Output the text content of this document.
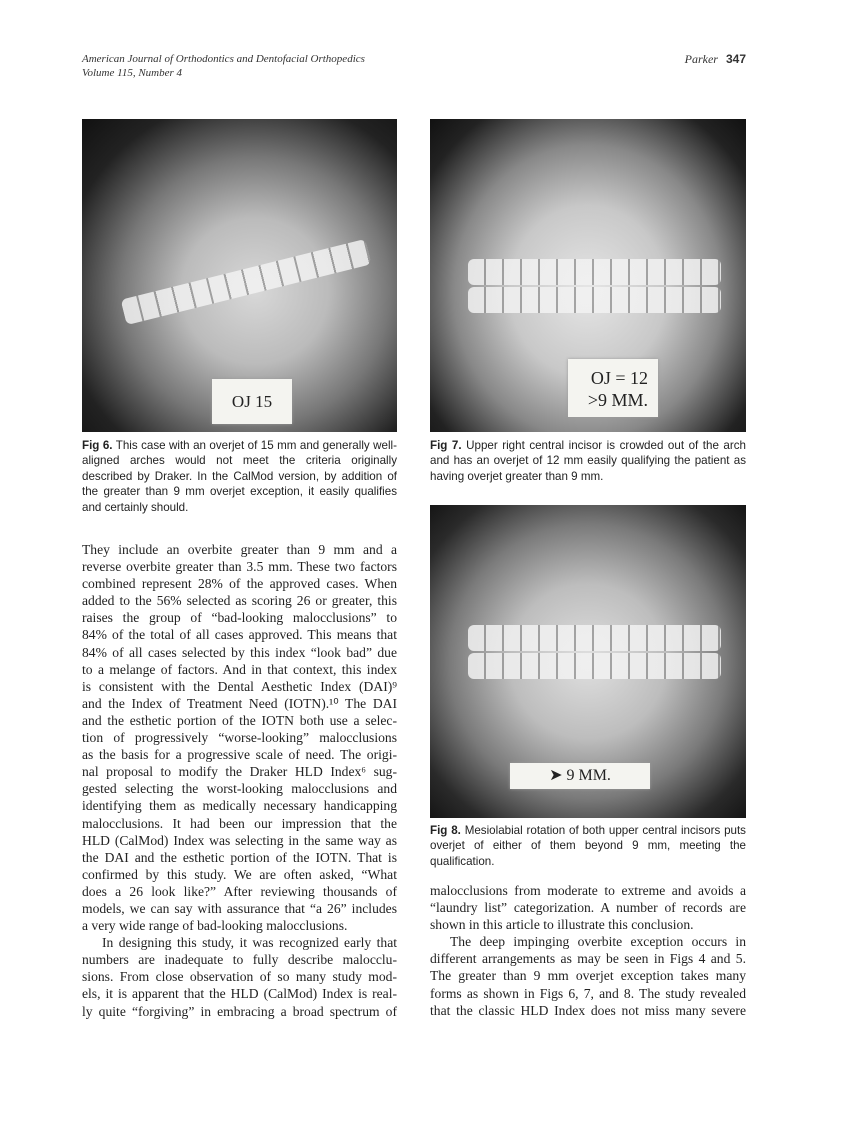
American Journal of Orthodontics and Dentofacial Orthopedics
Volume 115, Number 4
Parker 347
OJ 15
OJ = 12
>9 MM.
➤ 9 MM.
Fig 6. This case with an overjet of 15 mm and generally well-aligned arches would not meet the criteria originally described by Draker. In the CalMod version, by addition of the greater than 9 mm overjet exception, it easily qualifies and certainly should.
Fig 7. Upper right central incisor is crowded out of the arch and has an overjet of 12 mm easily qualifying the patient as having overjet greater than 9 mm.
Fig 8. Mesiolabial rotation of both upper central incisors puts overjet of either of them beyond 9 mm, meeting the qualification.
They include an overbite greater than 9 mm and a
reverse overbite greater than 3.5 mm. These two factors
combined represent 28% of the approved cases. When
added to the 56% selected as scoring 26 or greater, this
raises the group of “bad-looking malocclusions” to
84% of the total of all cases approved. This means that
84% of all cases selected by this index “look bad” due
to a melange of factors. And in that context, this index
is consistent with the Dental Aesthetic Index (DAI)⁹
and the Index of Treatment Need (IOTN).¹⁰ The DAI
and the esthetic portion of the IOTN both use a selec-
tion of progressively “worse-looking” malocclusions
as the basis for a progressive scale of need. The origi-
nal proposal to modify the Draker HLD Index⁶ sug-
gested selecting the worst-looking malocclusions and
identifying them as medically necessary handicapping
malocclusions. It had been our impression that the
HLD (CalMod) Index was selecting in the same way as
the DAI and the esthetic portion of the IOTN. That is
confirmed by this study. We are often asked, “What
does a 26 look like?” After reviewing thousands of
models, we can say with assurance that “a 26” includes
a very wide range of bad-looking malocclusions.
In designing this study, it was recognized early that
numbers are inadequate to fully describe malocclu-
sions. From close observation of so many study mod-
els, it is apparent that the HLD (CalMod) Index is real-
ly quite “forgiving” in embracing a broad spectrum of
malocclusions from moderate to extreme and avoids a
“laundry list” categorization. A number of records are
shown in this article to illustrate this conclusion.
The deep impinging overbite exception occurs in
different arrangements as may be seen in Figs 4 and 5.
The greater than 9 mm overjet exception takes many
forms as shown in Figs 6, 7, and 8. The study revealed
that the classic HLD Index does not miss many severe
